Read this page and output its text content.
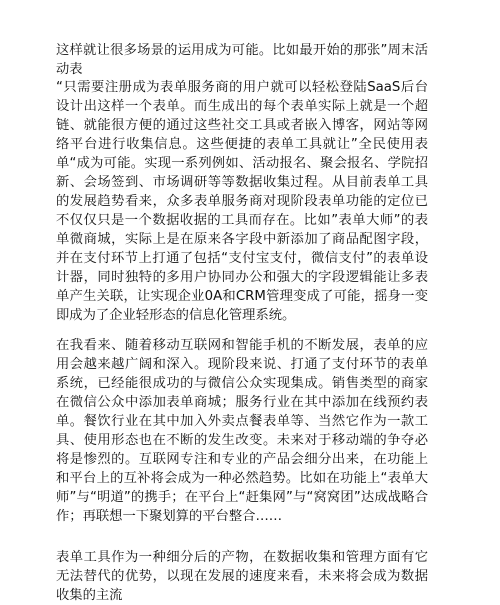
这样就让很多场景的运用成为可能。比如最开始的那张”周末活动表

“只需要注册成为表单服务商的用户就可以轻松登陆SaaS后台设计出这样一个表单。而生成出的每个表单实际上就是一个超链、就能很方便的通过这些社交工具或者嵌入博客，网站等网络平台进行收集信息。这些便捷的表单工具就让”全民使用表单“成为可能。实现一系列例如、活动报名、聚会报名、学院招新、会场签到、市场调研等等数据收集过程。从目前表单工具的发展趋势看来，众多表单服务商对现阶段表单功能的定位已不仅仅只是一个数据收据的工具而存在。比如”表单大师”的表单微商城，实际上是在原来各字段中新添加了商品配图字段，并在支付环节上打通了包括“支付宝支付，微信支付”的表单设计器，同时独特的多用户协同办公和强大的字段逻辑能让多表单产生关联，让实现企业0A和CRM管理变成了可能，摇身一变即成为了企业轻形态的信息化管理系统。

在我看来、随着移动互联网和智能手机的不断发展，表单的应用会越来越广阔和深入。现阶段来说、打通了支付环节的表单系统，已经能很成功的与微信公众实现集成。销售类型的商家在微信公众中添加表单商城；服务行业在其中添加在线预约表单。餐饮行业在其中加入外卖点餐表单等、当然它作为一款工具、使用形态也在不断的发生改变。未来对于移动端的争夺必将是惨烈的。互联网专注和专业的产品会细分出来，在功能上和平台上的互补将会成为一种必然趋势。比如在功能上“表单大师”与“明道”的携手；在平台上“赶集网”与“窝窝团”达成战略合作；再联想一下聚划算的平台整合……

表单工具作为一种细分后的产物，在数据收集和管理方面有它无法替代的优势，以现在发展的速度来看，未来将会成为数据收集的主流
